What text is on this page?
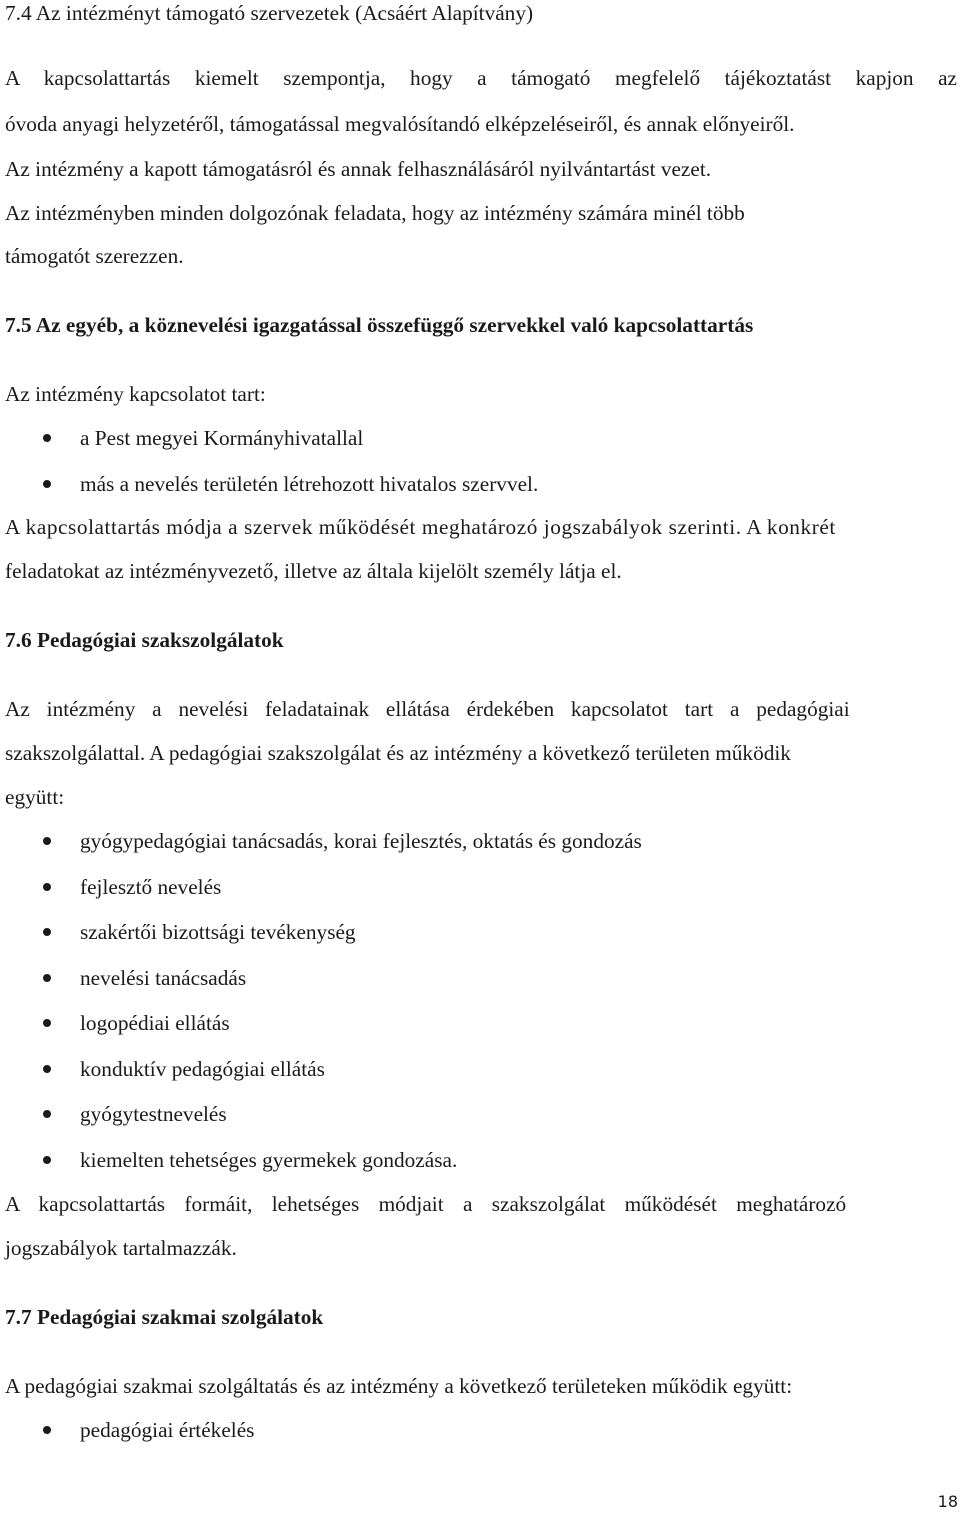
7.4 Az intézményt támogató szervezetek (Acsáért Alapítvány)
A kapcsolattartás kiemelt szempontja, hogy a támogató megfelelő tájékoztatást kapjon az
óvoda anyagi helyzetéről, támogatással megvalósítandó elképzeléseiről, és annak előnyeiről.
Az intézmény a kapott támogatásról és annak felhasználásáról nyilvántartást vezet.
Az intézményben minden dolgozónak feladata, hogy az intézmény számára minél több
támogatót szerezzen.
7.5 Az egyéb, a köznevelési igazgatással összefüggő szervekkel való kapcsolattartás
Az intézmény kapcsolatot tart:
a Pest megyei Kormányhivatallal
más a nevelés területén létrehozott hivatalos szervvel.
A kapcsolattartás módja a szervek működését meghatározó jogszabályok szerinti. A konkrét
feladatokat az intézményvezető, illetve az általa kijelölt személy látja el.
7.6 Pedagógiai szakszolgálatok
Az intézmény a nevelési feladatainak ellátása érdekében kapcsolatot tart a pedagógiai
szakszolgálattal. A pedagógiai szakszolgálat és az intézmény a következő területen működik
együtt:
gyógypedagógiai tanácsadás, korai fejlesztés, oktatás és gondozás
fejlesztő nevelés
szakértői bizottsági tevékenység
nevelési tanácsadás
logopédiai ellátás
konduktív pedagógiai ellátás
gyógytestnevelés
kiemelten tehetséges gyermekek gondozása.
A kapcsolattartás formáit, lehetséges módjait a szakszolgálat működését meghatározó
jogszabályok tartalmazzák.
7.7 Pedagógiai szakmai szolgálatok
A pedagógiai szakmai szolgáltatás és az intézmény a következő területeken működik együtt:
pedagógiai értékelés
18
